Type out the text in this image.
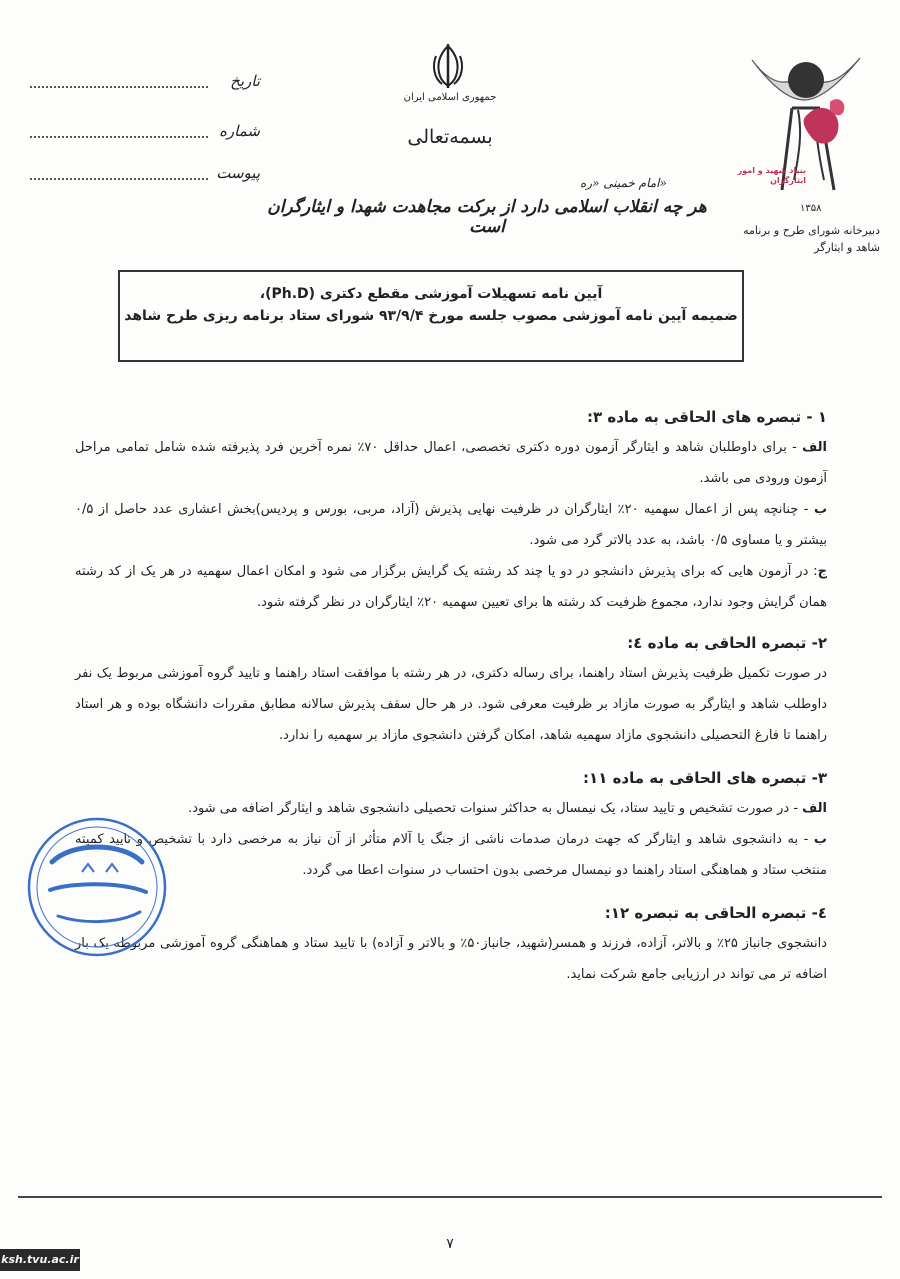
تاریخ
شماره
پیوست
جمهوری اسلامی ایران
بسمه‌تعالی
امام خمینی «ره»
هر چه انقلاب اسلامی دارد از برکت مجاهدت شهدا و ایثارگران است
۱۳۵۸
دبیرخانه شورای طرح و برنامه
شاهد و ایثارگر
بنیاد شهید و امور ایثارگران
آیین نامه تسهیلات آموزشی مقطع دکتری (Ph.D)،
ضمیمه آیین نامه آموزشی مصوب جلسه مورخ ۹۳/۹/۴ شورای ستاد برنامه ریزی طرح شاهد

۱ - تبصره های الحاقی به ماده ۳:

الف - برای داوطلبان شاهد و ایثارگر آزمون دوره دکتری تخصصی، اعمال حداقل ۷۰٪ نمره آخرین فرد پذیرفته شده شامل تمامی مراحل آزمون ورودی می باشد.

ب - چنانچه پس از اعمال سهمیه ۲۰٪ ایثارگران در ظرفیت نهایی پذیرش (آزاد، مربی، بورس و پردیس)بخش اعشاری عدد حاصل از ۰/۵ بیشتر و یا مساوی ۰/۵ باشد، به عدد بالاتر گرد می شود.

ج: در آزمون هایی که برای پذیرش دانشجو در دو یا چند کد رشته یک گرایش برگزار می شود و امکان اعمال سهمیه در هر یک از کد رشته همان گرایش وجود ندارد، مجموع ظرفیت کد رشته ها برای تعیین سهمیه ۲۰٪ ایثارگران در نظر گرفته شود.

۲- تبصره الحاقی به ماده ٤:

در صورت تکمیل ظرفیت پذیرش استاد راهنما، برای رساله دکتری، در هر رشته با موافقت استاد راهنما و تایید گروه آموزشی مربوط یک نفر داوطلب شاهد و ایثارگر به صورت مازاد بر ظرفیت معرفی شود. در هر حال سقف پذیرش سالانه مطابق مقررات دانشگاه بوده و هر استاد راهنما تا فارغ التحصیلی دانشجوی مازاد سهمیه شاهد، امکان گرفتن دانشجوی مازاد بر سهمیه را ندارد.

۳- تبصره های الحاقی به ماده ۱۱:

الف - در صورت تشخیص و تایید ستاد، یک نیمسال به حداکثر سنوات تحصیلی دانشجوی شاهد و ایثارگر اضافه می شود.

ب - به دانشجوی شاهد و ایثارگر که جهت درمان صدمات ناشی از جنگ یا آلام متأثر از آن نیاز به مرخصی دارد با تشخیص و تایید کمیته منتخب ستاد و هماهنگی استاد راهنما دو نیمسال مرخصی بدون احتساب در سنوات اعطا می گردد.

٤- تبصره الحاقی به تبصره ۱۲:

دانشجوی جانباز ۲۵٪ و بالاتر، آزاده، فرزند و همسر(شهید، جانباز۵۰٪ و بالاتر و آزاده) با تایید ستاد و هماهنگی گروه آموزشی مربوطه یک بار اضافه تر می تواند در ارزیابی جامع شرکت نماید.

۷
ksh.tvu.ac.ir
